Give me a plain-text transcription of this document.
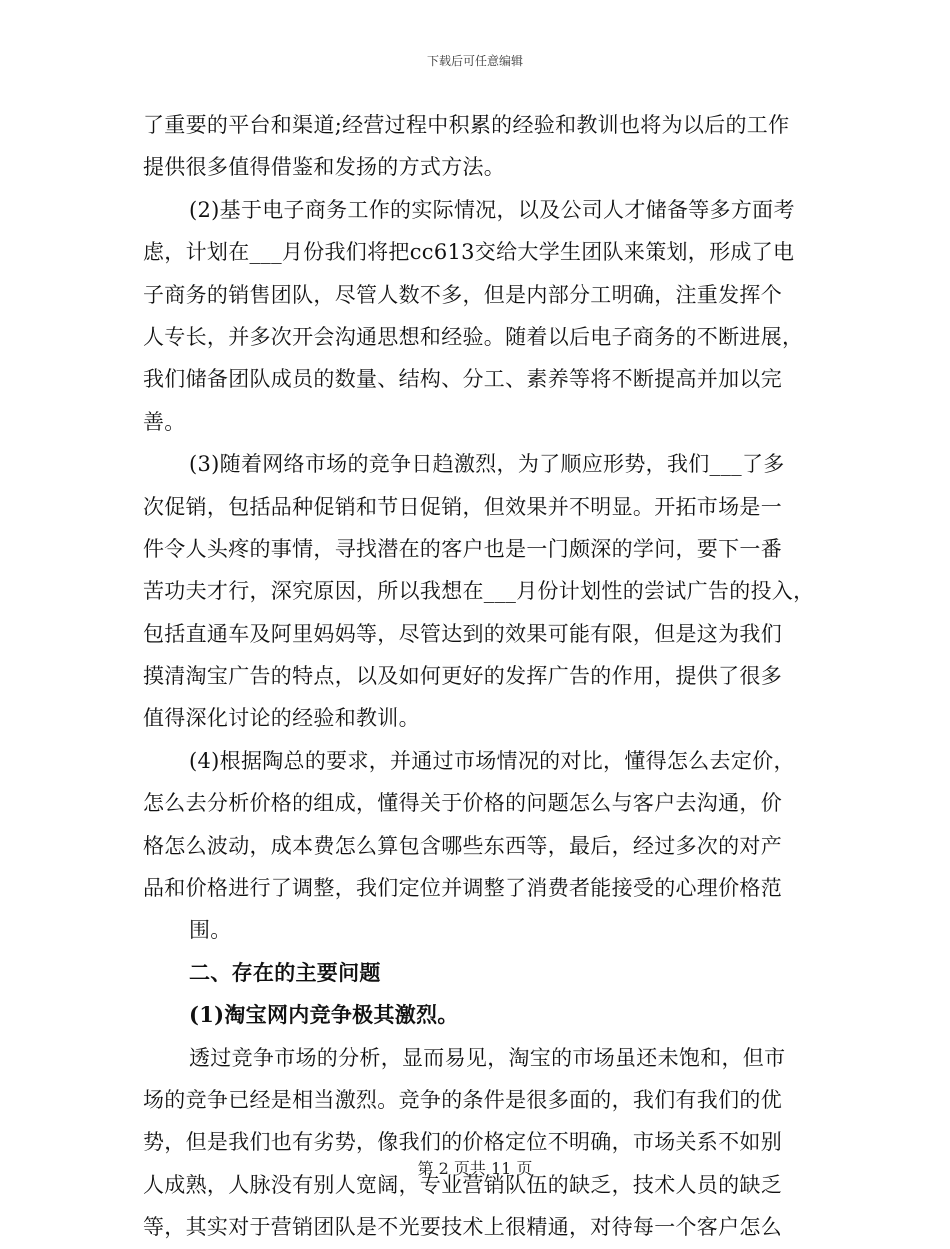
下载后可任意编辑
了重要的平台和渠道;经营过程中积累的经验和教训也将为以后的工作
提供很多值得借鉴和发扬的方式方法。
(2)基于电子商务工作的实际情况，以及公司人才储备等多方面考
虑，计划在___月份我们将把cc613交给大学生团队来策划，形成了电
子商务的销售团队，尽管人数不多，但是内部分工明确，注重发挥个
人专长，并多次开会沟通思想和经验。随着以后电子商务的不断进展，
我们储备团队成员的数量、结构、分工、素养等将不断提高并加以完
善。
(3)随着网络市场的竞争日趋激烈，为了顺应形势，我们___了多
次促销，包括品种促销和节日促销，但效果并不明显。开拓市场是一
件令人头疼的事情，寻找潜在的客户也是一门颇深的学问，要下一番
苦功夫才行，深究原因，所以我想在___月份计划性的尝试广告的投入，
包括直通车及阿里妈妈等，尽管达到的效果可能有限，但是这为我们
摸清淘宝广告的特点，以及如何更好的发挥广告的作用，提供了很多
值得深化讨论的经验和教训。
(4)根据陶总的要求，并通过市场情况的对比，懂得怎么去定价，
怎么去分析价格的组成，懂得关于价格的问题怎么与客户去沟通，价
格怎么波动，成本费怎么算包含哪些东西等，最后，经过多次的对产
品和价格进行了调整，我们定位并调整了消费者能接受的心理价格范
围。
二、存在的主要问题
(1)淘宝网内竞争极其激烈。
透过竞争市场的分析，显而易见，淘宝的市场虽还未饱和，但市
场的竞争已经是相当激烈。竞争的条件是很多面的，我们有我们的优
势，但是我们也有劣势，像我们的价格定位不明确，市场关系不如别
人成熟，人脉没有别人宽阔，专业营销队伍的缺乏，技术人员的缺乏
等，其实对于营销团队是不光要技术上很精通，对待每一个客户怎么
第 2 页共 11 页
